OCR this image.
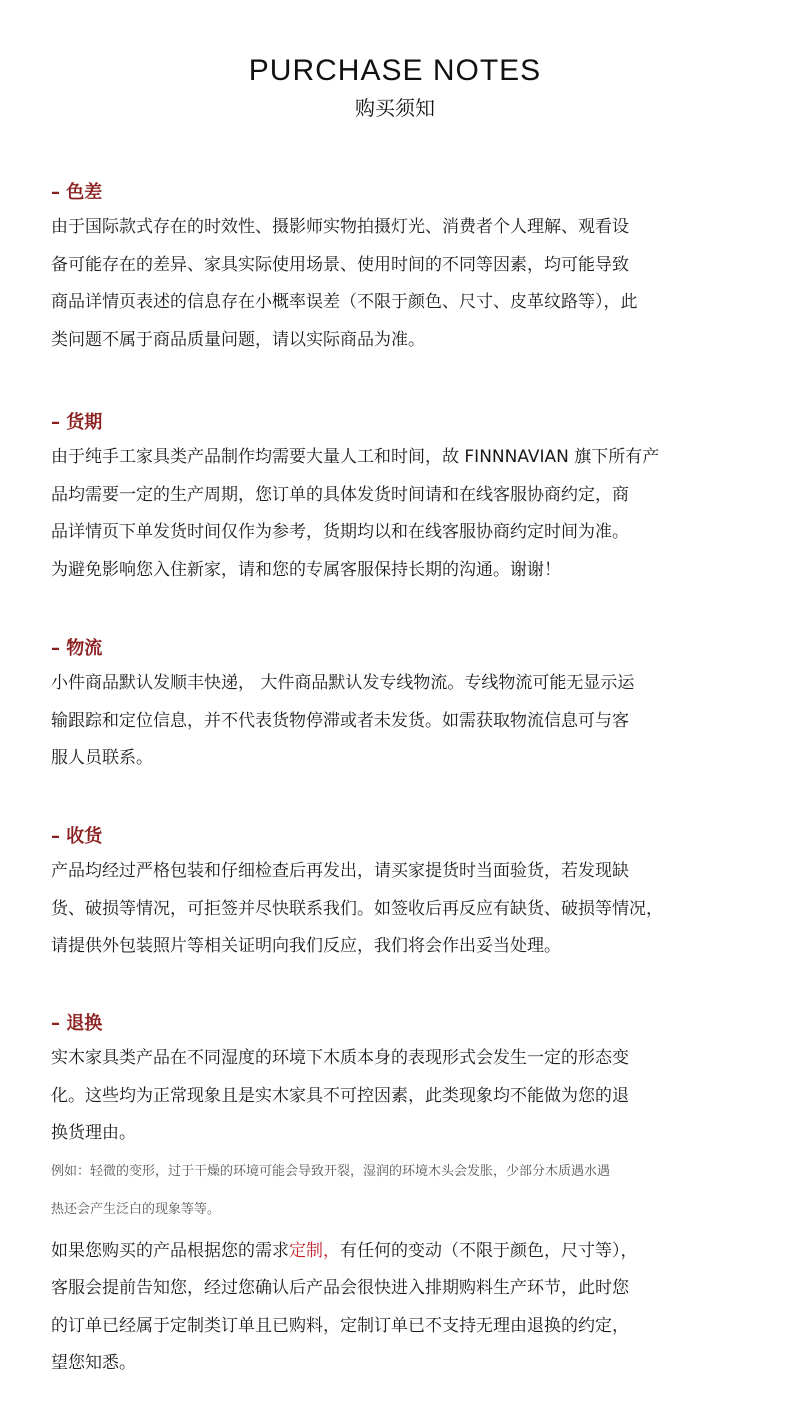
PURCHASE NOTES
购买须知
– 色差
由于国际款式存在的时效性、摄影师实物拍摄灯光、消费者个人理解、观看设
备可能存在的差异、家具实际使用场景、使用时间的不同等因素，均可能导致
商品详情页表述的信息存在小概率误差（不限于颜色、尺寸、皮革纹路等），此
类问题不属于商品质量问题，请以实际商品为准。
– 货期
由于纯手工家具类产品制作均需要大量人工和时间，故 FINNNAVIAN 旗下所有产
品均需要一定的生产周期，您订单的具体发货时间请和在线客服协商约定，商
品详情页下单发货时间仅作为参考，货期均以和在线客服协商约定时间为准。
为避免影响您入住新家，请和您的专属客服保持长期的沟通。谢谢！
– 物流
小件商品默认发顺丰快递， 大件商品默认发专线物流。专线物流可能无显示运
输跟踪和定位信息，并不代表货物停滞或者未发货。如需获取物流信息可与客
服人员联系。
– 收货
产品均经过严格包装和仔细检查后再发出，请买家提货时当面验货，若发现缺
货、破损等情况，可拒签并尽快联系我们。如签收后再反应有缺货、破损等情况，
请提供外包装照片等相关证明向我们反应，我们将会作出妥当处理。
– 退换
实木家具类产品在不同湿度的环境下木质本身的表现形式会发生一定的形态变
化。这些均为正常现象且是实木家具不可控因素，此类现象均不能做为您的退
换货理由。
例如：轻微的变形，过于干燥的环境可能会导致开裂，湿润的环境木头会发胀，少部分木质遇水遇
热还会产生泛白的现象等等。
如果您购买的产品根据您的需求定制，有任何的变动（不限于颜色，尺寸等），
客服会提前告知您，经过您确认后产品会很快进入排期购料生产环节，此时您
的订单已经属于定制类订单且已购料，定制订单已不支持无理由退换的约定，
望您知悉。
